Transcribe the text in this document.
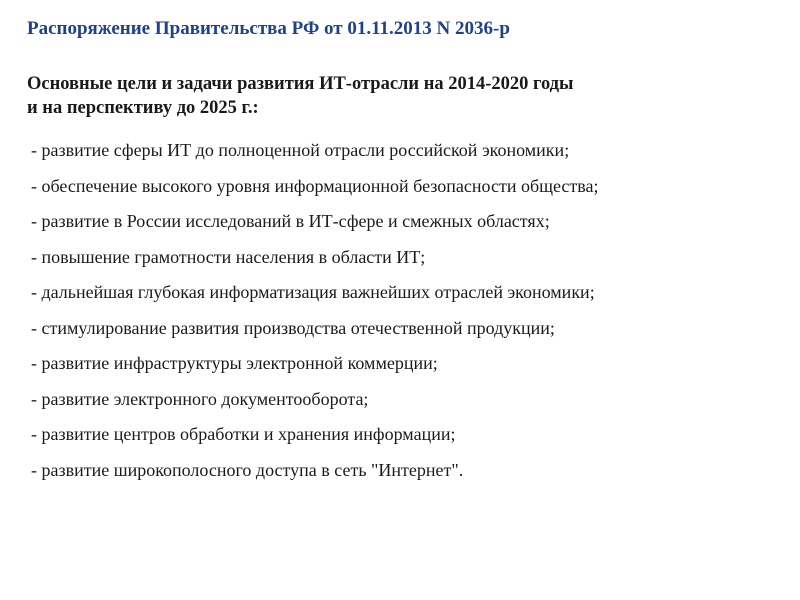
Распоряжение Правительства РФ от 01.11.2013 N 2036-р
Основные цели и задачи развития ИТ-отрасли на 2014-2020 годы
и на перспективу до 2025 г.:
- развитие сферы ИТ до полноценной отрасли российской экономики;
- обеспечение высокого уровня информационной безопасности общества;
- развитие в России исследований в ИТ-сфере и смежных областях;
- повышение грамотности населения в области ИТ;
- дальнейшая глубокая информатизация важнейших отраслей экономики;
- стимулирование развития производства отечественной продукции;
- развитие инфраструктуры электронной коммерции;
- развитие электронного документооборота;
- развитие центров обработки и хранения информации;
- развитие широкополосного доступа в сеть "Интернет".
